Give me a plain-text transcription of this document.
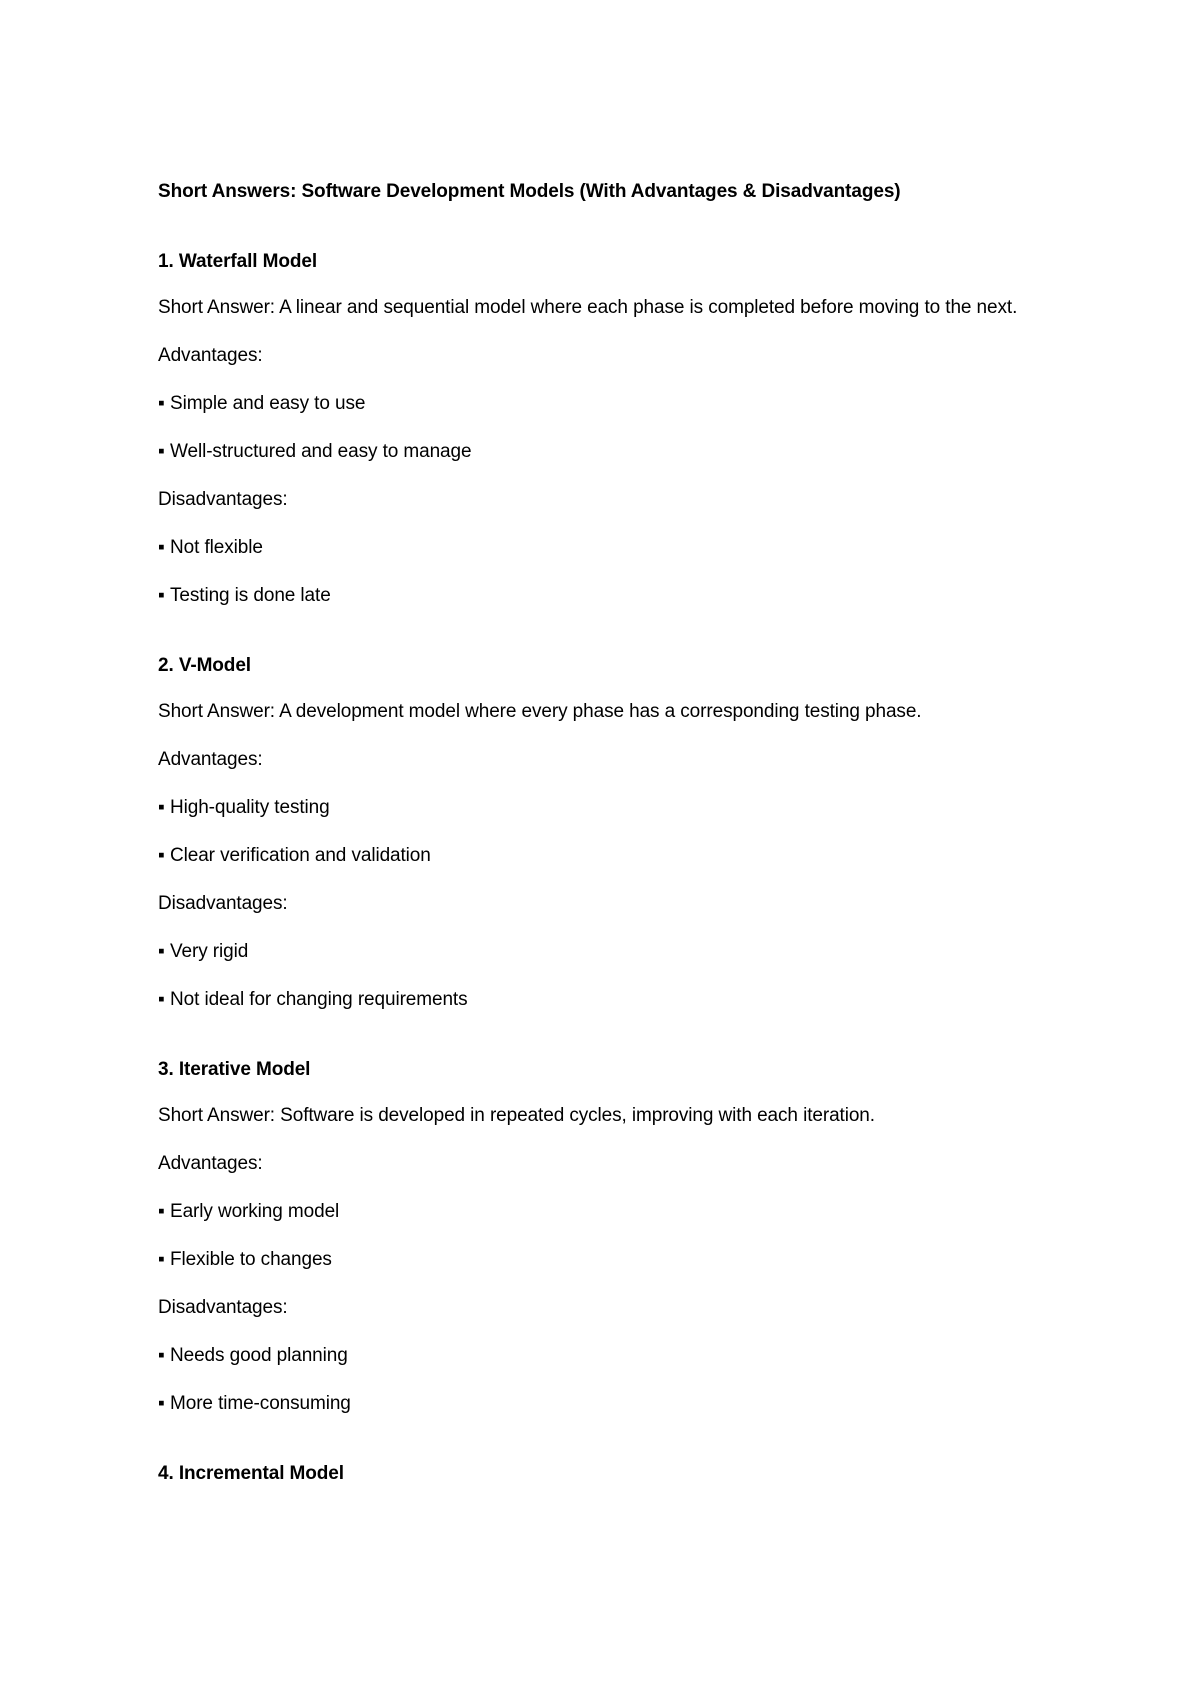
Short Answers: Software Development Models (With Advantages & Disadvantages)

1. Waterfall Model

Short Answer: A linear and sequential model where each phase is completed before moving to the next.

Advantages:

▪ Simple and easy to use

▪ Well-structured and easy to manage

Disadvantages:

▪ Not flexible

▪ Testing is done late

2. V-Model

Short Answer: A development model where every phase has a corresponding testing phase.

Advantages:

▪ High-quality testing

▪ Clear verification and validation

Disadvantages:

▪ Very rigid

▪ Not ideal for changing requirements

3. Iterative Model

Short Answer: Software is developed in repeated cycles, improving with each iteration.

Advantages:

▪ Early working model

▪ Flexible to changes

Disadvantages:

▪ Needs good planning

▪ More time-consuming

4. Incremental Model
